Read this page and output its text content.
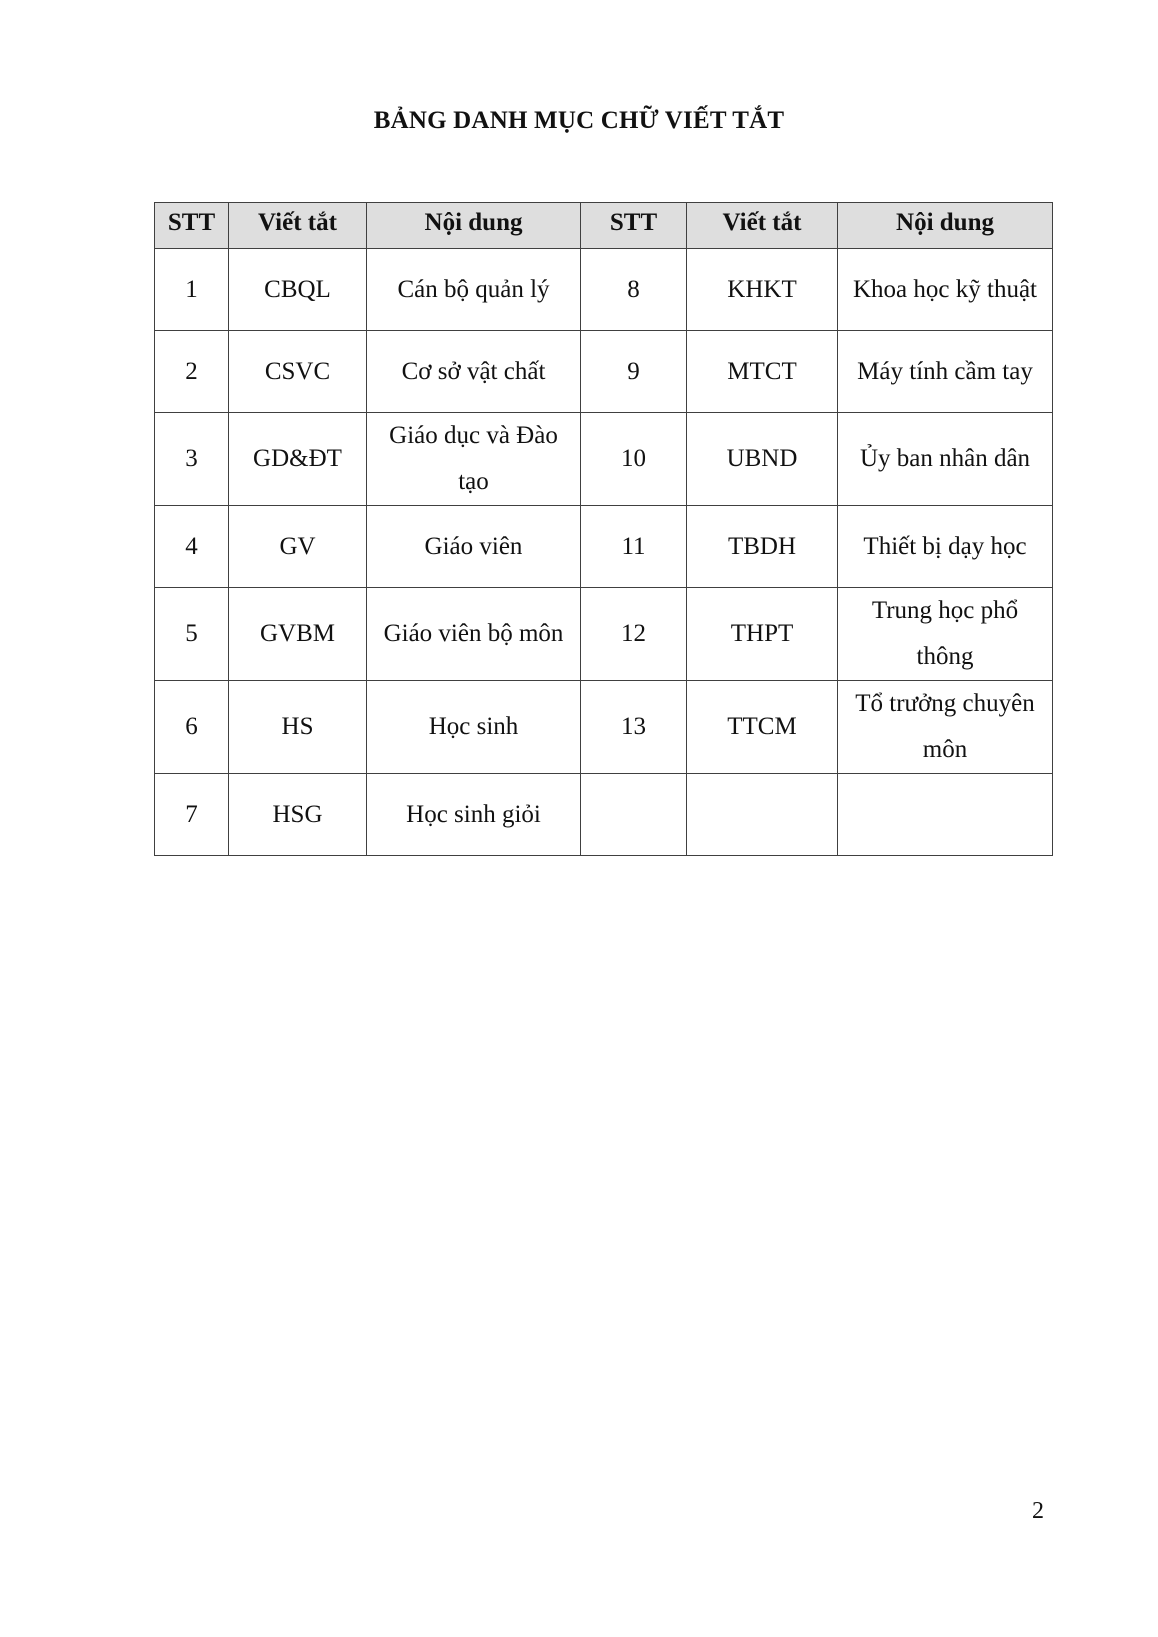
BẢNG DANH MỤC CHỮ VIẾT TẮT
STT	Viết tắt	Nội dung	STT	Viết tắt	Nội dung
1	CBQL	Cán bộ quản lý	8	KHKT	Khoa học kỹ thuật
2	CSVC	Cơ sở vật chất	9	MTCT	Máy tính cầm tay
3	GD&ĐT	Giáo dục và Đào tạo	10	UBND	Ủy ban nhân dân
4	GV	Giáo viên	11	TBDH	Thiết bị dạy học
5	GVBM	Giáo viên bộ môn	12	THPT	Trung học phổ thông
6	HS	Học sinh	13	TTCM	Tổ trưởng chuyên môn
7	HSG	Học sinh giỏi			
2
